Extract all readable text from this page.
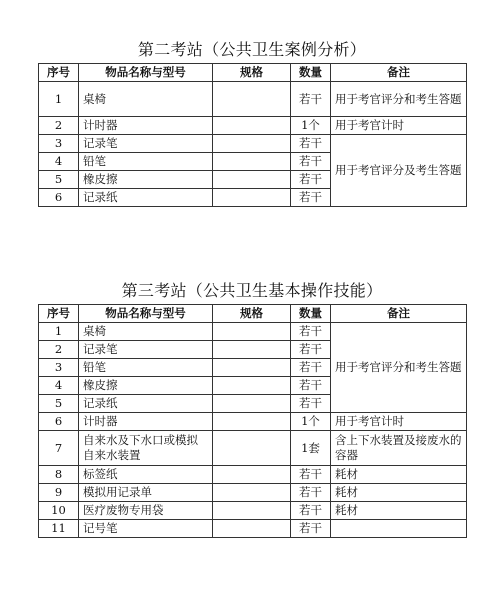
第二考站（公共卫生案例分析）
序号	物品名称与型号	规格	数量	备注
1	桌椅		若干	用于考官评分和考生答题
2	计时器		1个	用于考官计时
3	记录笔		若干	用于考官评分及考生答题
4	铅笔		若干	
5	橡皮擦		若干	
6	记录纸		若干	
第三考站（公共卫生基本操作技能）
序号	物品名称与型号	规格	数量	备注
1	桌椅		若干	用于考官评分和考生答题
2	记录笔		若干	
3	铅笔		若干	
4	橡皮擦		若干	
5	记录纸		若干	
6	计时器		1个	用于考官计时
7	自来水及下水口或模拟自来水装置		1套	含上下水装置及接废水的容器
8	标签纸		若干	耗材
9	模拟用记录单		若干	耗材
10	医疗废物专用袋		若干	耗材
11	记号笔		若干	
